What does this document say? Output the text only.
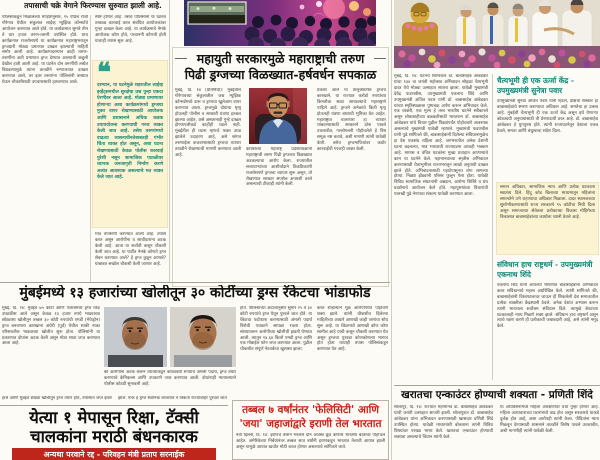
तपासाची चक्रे वेगाने फिरण्यास सुरुवात झाली आहे.
पोलिसांकडून मिळालेल्या माहितीनुसार, १५ एप्रिल रोजी गोरेगाव येथील संकुलात लाईव्ह म्युझिक कॉन्सर्टचे आयोजन करण्यात आले होते. या कार्यक्रमात सुमारे तीन ते चार हजार तरुण-तरुणी उपस्थित होते. याच कार्यक्रमात राजरोसपणे या कार्यक्रमात महाराष्ट्रभरातून ड्रग्जधारी मोठ्या प्रमाणात दाखल झाल्याची माहिती समोर आली आहे. कार्यक्रमादरम्यान काही तरुण-तरुणींना अती प्रमाणात ड्रग्ज देण्यात आल्याची कबुली देखील हाती आली आहे. या घटनेत दोन तरुणींची तब्येत बिघडल्यामुळे त्यांना तातडीने रुग्णालयात दाखल करण्यात आले, तर इतर तरुणांना पोलिसांनी ताब्यात घेऊन चौकशीसाठी उपचारासाठी हलवण्यात आले.
स्पष्ट होणार आहे. तसेच पोलिसांनी या घटनेत तत्काळ कारवाई करत संबंधित आयोजकांवर गुन्हा दाखल केला आहे. या कार्यक्रमाचे नेमके आयोजक कोण होते, परवानगी कोणती होती याचाही तपास सुरू आहे.
❝
दरम्यान, या घटनेमुळे शहरातील लाईव्ह इव्हेंट्समधील सुरक्षेचा प्रश्न पुन्हा एकदा ऐरणीवर आला आहे. मोठ्या प्रमाणावर होणाऱ्या अशा कार्यक्रमांमध्ये ड्रग्जचा मुक्त वापर रोखण्यासाठी आयोजक आणि प्रशासनाने अधिक कडक उपाययोजना करण्याची गरज व्यक्त केली जात आहे. तसेच तरुणांमध्ये वाढत्या व्यसनाधीनतेबाबतही गंभीर चिंता व्यक्त होत असून, अशा घटना रोखण्यासाठी केवळ पोलीस कारवाई पुरेशी नसून सामाजिक पातळीवर व्यापक जनजागृती निर्माण करणे अत्यंत आवश्यक असल्याचे मत व्यक्त केले जात आहे.
मात्र तपासणी करण्यात आली आहे. तपास करत असून आरोपींना व साथीदारांना अटक केली आहे. आता या सर्वांची कसून चौकशी केली जात आहे. या पार्टीत नेमके कोणते ड्रग्ज सेवन करण्यात आले? हे ड्रग्ज कुठून आणले? याबाबत सखोल चौकशी केली जाणार आहे.
महायुती सरकारमुळे महाराष्ट्राची तरुण
पिढी ड्रग्जच्या विळख्यात-हर्षवर्धन सपकाळ
मुंबई, दि. १४ (प्रतिनिधी): मुंबईतील गोरेगावच्या संकुलातील जश्न म्युझिक कॉन्सर्टमध्ये दारू व ड्रग्जचा खुलेआम वापर करण्यात आला. ड्रग्जमुळे दोघांचा मृत्यू होऊनही पोलीस व सरकारी यंत्रणा हतबल झाल्या आहेत, असे असतानाही गुन्हे दाखल होण्यापलीकडे काहीही घडले नाही. मुंबईतील ही घटना म्हणजे फक्त उघड झालेले उदाहरण आहे, असे सांगत तरुणाईला वाचवण्यासाठी ड्रग्जचा व्यापार तातडीने रोखण्याची मागणी करण्यात आली आहे.
काँग्रेसच्या महाराष्ट्र प्रदेशाध्यक्षांनी महाराष्ट्राची तरुण पिढी ड्रग्जच्या विळख्यात अडकल्याचा आरोप केला. राज्यातील सत्ताधाऱ्यांच्या आशीर्वादाने ठिकठिकाणी राजरोसपणे ड्रग्जचा व्यापार सुरू असून, तो रोखण्यात सरकार सपशेल अपयशी ठरले असल्याची टीकाही त्यांनी केली.
प्रकाश आले या तालुक्यातील ड्रग्जचे कारखाने, या राज्यात करोडो रुपयांच्या किमतीचा साठा सापडल्याचे महाराष्ट्राने पाहिले आहे. ड्रग्जने अनेकांचे किती मृत्यू होऊनही यंत्रणा बघ्याची भूमिका घेत आहेत. महाराष्ट्रात चालणारा हा व्यापार थांबवण्यासाठी सरकारने ठोस पावले उचलावीत, गल्लोगल्ली पोहोचलेले हे विष समूळ नष्ट करावे, अशी मागणी त्यांनी यावेळी केली. तसेच ड्रग्जमाफियांवर कठोर कारवाईची गरजही व्यक्त केली.
मुंबई, दि. १४: घटनेचे शिल्पकार डॉ. बाबासाहेब आंबेडकर यांचा १३४ वा जयंती महोत्सव अभिवादन सोहळा चैत्यभूमी दादर येथे मोठ्या उत्साहात साजरा झाला. यावेळी मुख्यमंत्री देवेंद्र फडणवीस, उपमुख्यमंत्री एकनाथ शिंदे आणि उपमुख्यमंत्री अजित पवार यांनी डॉ. बाबासाहेब आंबेडकर यांच्या स्मृतिस्थळाला पुष्पचक्र अर्पण करून अभिवादन केले. एक व्यक्ती, एक मूल्य हे तत्त्व भारतीय घटनेने स्वीकारले असून लोकशाहीच्या बळकटीसाठी भारतरत्न डॉ. बाबासाहेब आंबेडकर यांचे विचार पुढील पिढ्यांपर्यंत पोहोचवणे आवश्यक असल्याचे मुख्यमंत्री यावेळी म्हणाले. मुख्यमंत्री फडणवीस यांनी पुढे सांगितले की, बाबासाहेबांनी दिलेल्या संविधानामुळेच हा देश एकसंध राहिला आहे. जगभरातील अनेक देशांनी घटना बदलल्या, मात्र भारताची राज्यघटना आजही भक्कम आहे. मागास व वंचित घटकांना मुख्य प्रवाहात आणण्याचे काम या घटनेने केले. महामानवाच्या स्मृतीस अभिवादन करण्यासाठी चैत्यभूमीवर राज्यभरातून लाखो अनुयायी दाखल झाले होते. अभिवादनासाठी पहाटेपासूनच रांगा लागल्या होत्या. निळ्या झेंड्यांनी परिसर फुलून गेला होता. यावेळी विविध सामाजिक संघटनांनी अन्नदान, आरोग्य शिबिरे व ग्रंथ प्रदर्शनाचे आयोजन केले होते. महापुरुषांच्या विचारांची पालखी पुढे नेण्याचा संकल्प यावेळी करण्यात आला.
चैत्यभूमी ही एक ऊर्जा केंद्र - उपमुख्यमंत्री सुनेत्रा पवार
उपमुख्यमंत्री सुनेत्रा अजित पवार यांनी म्हटले, दीक्षेचा संस्कार हा बाबासाहेबांचे स्मरण करण्याचा अधिकार आहे. समतेचा हा उत्सव आहे. मुंबईची चैत्यभूमी ही एक ऊर्जा केंद्र असून इथे येणाऱ्या कोट्यवधी अनुयायांसाठी ती प्रेरणादायी ठरत आहे. डॉ. बाबासाहेब आंबेडकर हे युगपुरुष होते. त्यांनी राज्यघटनेतून देशाला एकत्र ठेवले, समता आणि बंधुत्वाचा संदेश दिला.
समान अधिकार, सामाजिक न्याय आणि प्रत्येक घटकाला स्वातंत्र्य दिले. हिंदू कोड बिलाच्या माध्यमातून महिलांना समानतेने उभे राहण्याचा अधिकार मिळाला. दादर स्थानकाच्या सुशोभीकरणासाठी राज्य सरकारने ९५ कोटींचा निधी दिला असून समाजाच्या सेवेतला प्रत्येकाच्या विकास मोहिमेच्या विकासात बाबासाहेबांच्या कार्याला ध्यानी ठेवले आहे.
संविधान हाच राष्ट्रधर्म - उपमुख्यमंत्री एकनाथ शिंदे
एकनाथ शिंदे यांनी आपल्या भाषणात बाबासाहेबांना अभिवादन करत संविधानाचे महत्त्व अधोरेखित केले. त्यांनी सांगितले की, बाबासाहेबांनी विश्वपटलावर जाऊन ही शिकलेली देश समाजातील प्रत्येक व्यक्तीला केंद्रस्थानी ठेवले. अनेक देशांत अभ्यास करून त्यांनी भारताला सर्वोत्तम संविधान दिले. त्यामुळे शेवटच्या घटकालाही न्याय मिळणे शक्य झाले. संविधान हाच राष्ट्रधर्म असून त्याचे रक्षण करणे ही प्रत्येकाची जबाबदारी आहे, असे त्यांनी नमूद केले.
मुंबईमध्ये १३ हजारांच्या खोलीतून ३० कोटींच्या ड्रग्स रॅकेटचा भांडाफोड
मुंबई, दि. १४: मुंबईत ७५ कोटी आणि पंजाबमध्ये ड्रग्ज किट उघडकीस आले असून केवळ १३ हजार रुपये भाड्याच्या छोट्याशा खोलीतून तब्बल ३० कोटी रुपयांची एमडी (मेफेड्रोन) ड्रग्ज बनवणारा कारखाना अंधेरी (पूर्व) येथील साकी नाका परिसरातील भाड्याच्या खोलीत सुरू होता. पोलिसांनी या प्रकरणात दोघांना अटक केली असून मोठा साठा जप्त करण्यात आला आहे.
की आरोपींना अटक करून त्यांच्याकडून कोट्यवधी रुपयांचे अमली पदार्थ, ड्रग्ज तयार करण्याचे केमिकल्स आणि उपकरणे जप्त करण्यात आली. दोघांनाही न्यायालयाने पोलीस कोठडी सुनावली आहे.
होते. पोलिसांच्या अंदाजानुसार सुमारे २५ ते ३० कोटी रुपयांचे ड्रग्ज येथून पुरवले जात होते. या रॅकेटचा पर्दाफाश करण्यासाठी अंमली पदार्थ विरोधी पथकाने सापळा रचला होता. संशयावरून आरोपीच्या खोलीची झडती घेण्यात आली. त्यातून १४.६४ किलो एमडी ड्रग्ज आणि एक मोबाईल फोन जप्त करण्यात आला. पुढील चौकशीत संपूर्ण नेटवर्कचा खुलासा झाला.
करत राहिल्याने मूळ आरोपीपर्यंत पोहोचणे शक्य झाले. त्यांनी चौकशीत दिलेल्या माहितीच्या आधारे आणखी काही जणांचा शोध सुरू आहे. या रॅकेटमध्ये आणखी कोण कोण सामील आहे याची कसून चौकशी करण्यात येत असून ड्रग्जचा पुरवठा कोणकोणत्या भागात होत होता याचाही तपास पोलिसांकडून करण्यात येत आहे.
हाले आणि मुंबईत छोट्या खोलीतून ड्रग्ज तयार होत, तपासात जप्त झाले झाले. नंतर हे ड्रग्ज स्थानिक बाजारात न विकता राज्याबाहेर पुरवले जात
येत्या १ मेपासून रिक्षा, टॅक्सी
चालकांना मराठी बंधनकारक
अन्यथा परवाने रद्द - परिवहन मंत्री प्रताप सरनाईक
तब्बल ७ वर्षांनंतर 'फेलिसिटी' आणि
'जया' जहाजांद्वारे इराणी तेल भारतात
नवी दिल्ली, दि. १४: इराणचे तेलाने भरलेले दोन अजस्त्र क्रूड कॅरियर भारतीय बंदरांवर पोहोचले आहेत. अमेरिकेच्या निर्बंधांनंतर तब्बल सात वर्षांनी इराणकडून भारतात तेलाची आयात झाली असून यामुळे आयात खर्चात मोठी बचत होणार असल्याचे सांगितले जाते.
खरातचा एन्काउंटर होण्याची शक्यता - प्रणिती शिंदे
सोलापूर, दि. १४: राज्यात महामानव डॉ. बाबासाहेब आंबेडकर यांची जयंती उत्साहात साजरी झाली. सोलापुरात डॉ. बाबासाहेब आंबेडकर यांना अभिवादन करण्यासाठी खासदार प्रणिती शिंदे उपस्थित होत्या. यावेळी माध्यमांशी बोलताना त्यांनी विविध विषयांवर परखड भाष्य केले. खरातचा एन्काउंटर होण्याची शक्यता असल्याचे विधान त्यांनी केले.
या अधिवेशनामध्ये महिला आरक्षणाची चर्चा पुन्हा होणार आहे. महिला अत्याचाराच्या घटनांमध्ये वाढ होत असून सरकारचे याकडे दुर्लक्ष होत आहे, असा आरोपही त्यांनी केला. पीडितांना न्याय मिळवून देण्यासाठी शासनाने तातडीने विशेष पावले उचलावीत, अशी मागणीही त्यांनी यावेळी केली.
